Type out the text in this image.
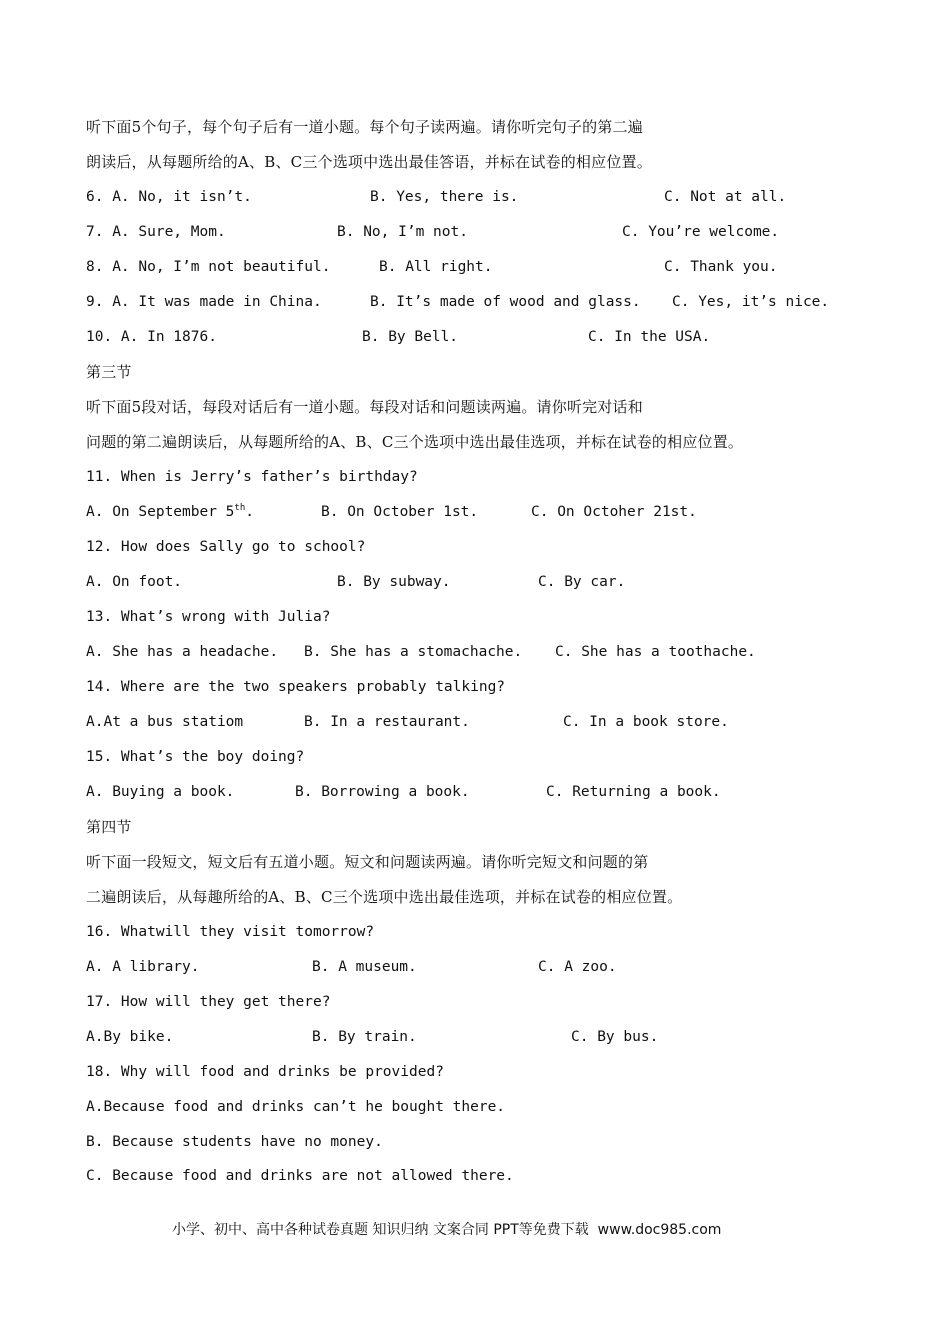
听下面5个句子，每个句子后有一道小题。每个句子读两遍。请你听完句子的第二遍
朗读后，从每题所给的A、B、C三个选项中选出最佳答语，并标在试卷的相应位置。

6. A. No, it isn’t.

	B. Yes, there is.

	C. Not at all.

7. A. Sure, Mom.

	B. No, I’m not.

	C. You’re welcome.

8. A. No, I’m not beautiful.

	B. All right.

	C. Thank you.

9. A. It was made in China.

	B. It’s made of wood and glass.

C. Yes, it’s nice.

10. A. In 1876.

	B. By Bell.

	C. In the USA.

第三节
听下面5段对话，每段对话后有一道小题。每段对话和问题读两遍。请你听完对话和
问题的第二遍朗读后，从每题所给的A、B、C三个选项中选出最佳选项，并标在试卷的相应位置。
11. When is Jerry’s father’s birthday?

A. On September 5th.

	B. On October 1st.

	C. On Octoher 21st.

12. How does Sally go to school?

A. On foot.

	B. By subway.

	C. By car.

13. What’s wrong with Julia?

A. She has a headache.

B. She has a stomachache.

C. She has a toothache.

14. Where are the two speakers probably talking?

A.At a bus statiom

	B. In a restaurant.

	C. In a book store.

15. What’s the boy doing?

A. Buying a book.

	B. Borrowing a book.

	C. Returning a book.

第四节
听下面一段短文，短文后有五道小题。短文和问题读两遍。请你听完短文和问题的第
二遍朗读后，从每趣所给的A、B、C三个选项中选出最佳选项，并标在试卷的相应位置。
16. Whatwill they visit tomorrow?

A. A library.

	B. A museum.

	C. A zoo.

17. How will they get there?

A.By bike.

	B. By train.

	C. By bus.

18. Why will food and drinks be provided?
A.Because food and drinks can’t he bought there.
B. Because students have no money.
C. Because food and drinks are not allowed there.

小学、初中、高中各种试卷真题 知识归纳 文案合同 PPT等免费下载  www.doc985.com
